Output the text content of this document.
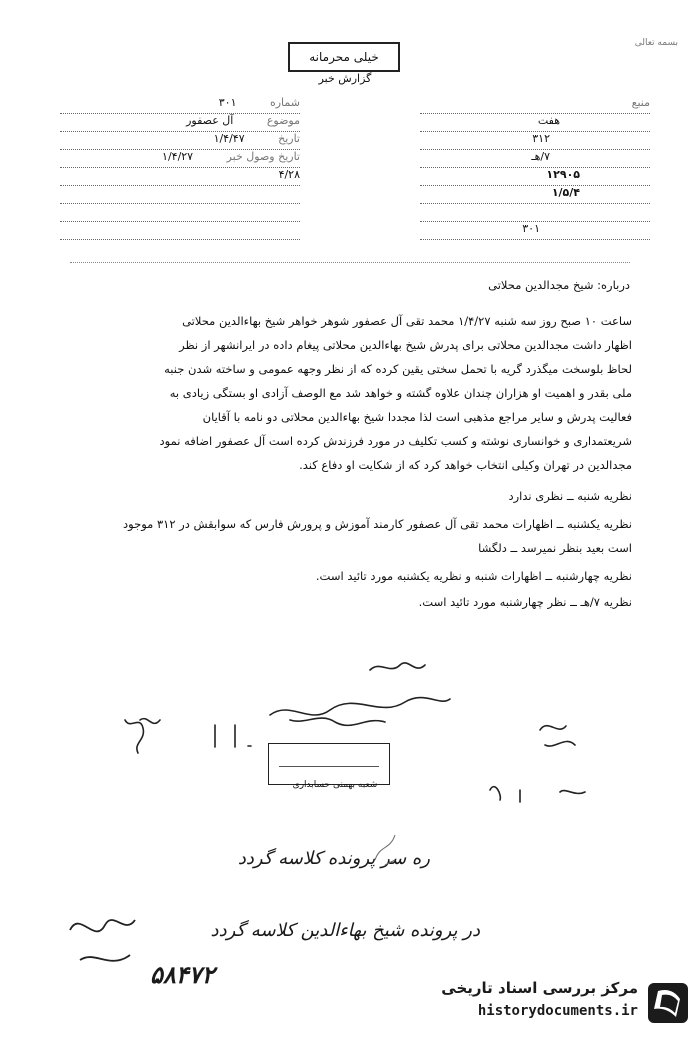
بسمه تعالی
خیلی محرمانه
گزارش خبر
شماره ۳۰۱
موضوع آل عصفور
تاریخ ۱/۴/۴۷
تاریخ وصول خبر ۱/۴/۲۷
۴/۲۸
منبع
هفت
۳۱۲
۷/هـ
۱۲۹۰۵
۱/۵/۴
۳۰۱
درباره: شیخ مجدالدین محلاتی
ساعت ۱۰ صبح روز سه شنبه ۱/۴/۲۷ محمد تقی آل عصفور شوهر خواهر شیخ بهاءالدین محلاتی
اظهار داشت مجدالدین محلاتی برای پدرش شیخ بهاءالدین محلاتی پیغام داده در ایرانشهر از نظر
لحاظ بلوسخت میگذرد گریه با تحمل سختی یقین کرده که از نظر وجهه عمومی و ساخته شدن جنبه
ملی بقدر و اهمیت او هزاران چندان علاوه گشته و خواهد شد مع الوصف آزادی او بستگی زیادی به
فعالیت پدرش و سایر مراجع مذهبی است لذا مجددا شیخ بهاءالدین محلاتی دو نامه با آقایان
شریعتمداری و خوانساری نوشته و کسب تکلیف در مورد فرزندش کرده است آل عصفور اضافه نمود
مجدالدین در تهران وکیلی انتخاب خواهد کرد که از شکایت او دفاع کند.
نظریه شنبه ــ نظری ندارد
نظریه یکشنبه ــ اظهارات محمد تقی آل عصفور کارمند آموزش و پرورش فارس که سوابقش در ۳۱۲ موجود
است بعید بنظر نمیرسد ــ دلگشا
نظریه چهارشنبه ــ اظهارات شنبه و نظریه یکشنبه مورد تائید است.
نظریه ۷/هـ ــ نظر چهارشنبه مورد تائید است.
شعبه بهمنی حسابداری
ره سر پرونده کلاسه گردد
در پرونده شیخ بهاءالدین کلاسه گردد
۵۸۴۷۲	مرکز بررسی اسناد تاریخی
historydocuments.ir
